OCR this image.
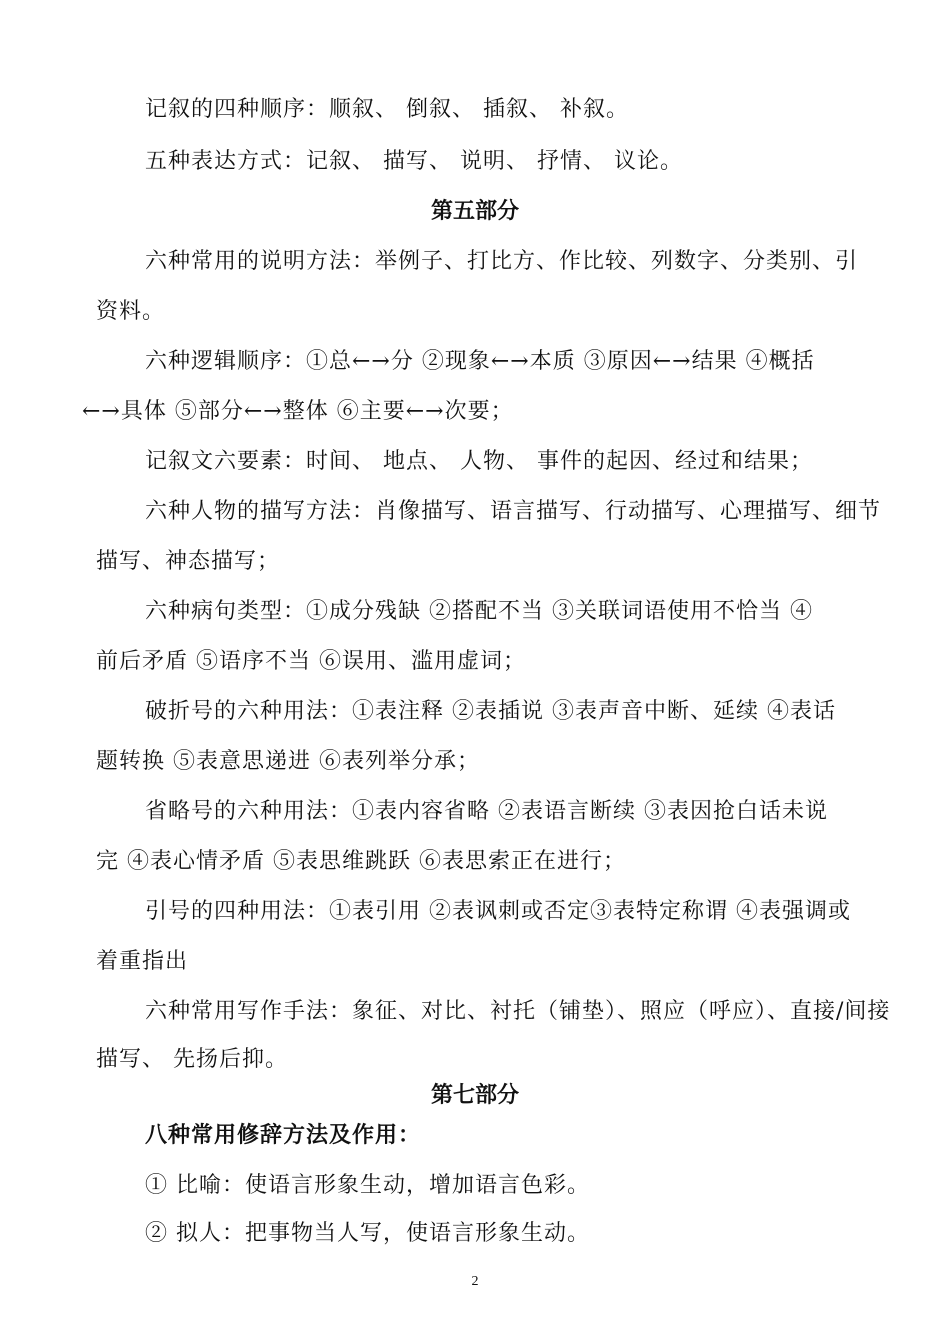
记叙的四种顺序：顺叙、 倒叙、 插叙、 补叙。
五种表达方式：记叙、 描写、 说明、 抒情、 议论。
第五部分
六种常用的说明方法：举例子、打比方、作比较、列数字、分类别、引
资料。
六种逻辑顺序：①总←→分 ②现象←→本质 ③原因←→结果 ④概括
←→具体 ⑤部分←→整体 ⑥主要←→次要；
记叙文六要素：时间、 地点、 人物、 事件的起因、经过和结果；
六种人物的描写方法：肖像描写、语言描写、行动描写、心理描写、细节
描写、神态描写；
六种病句类型：①成分残缺 ②搭配不当 ③关联词语使用不恰当 ④
前后矛盾 ⑤语序不当 ⑥误用、滥用虚词；
破折号的六种用法：①表注释 ②表插说 ③表声音中断、延续 ④表话
题转换 ⑤表意思递进 ⑥表列举分承；
省略号的六种用法：①表内容省略 ②表语言断续 ③表因抢白话未说
完 ④表心情矛盾 ⑤表思维跳跃 ⑥表思索正在进行；
引号的四种用法：①表引用 ②表讽刺或否定③表特定称谓 ④表强调或
着重指出
六种常用写作手法：象征、对比、衬托（铺垫）、照应（呼应）、直接/间接
描写、 先扬后抑。
第七部分
八种常用修辞方法及作用：
① 比喻：使语言形象生动，增加语言色彩。
② 拟人：把事物当人写，使语言形象生动。
2
